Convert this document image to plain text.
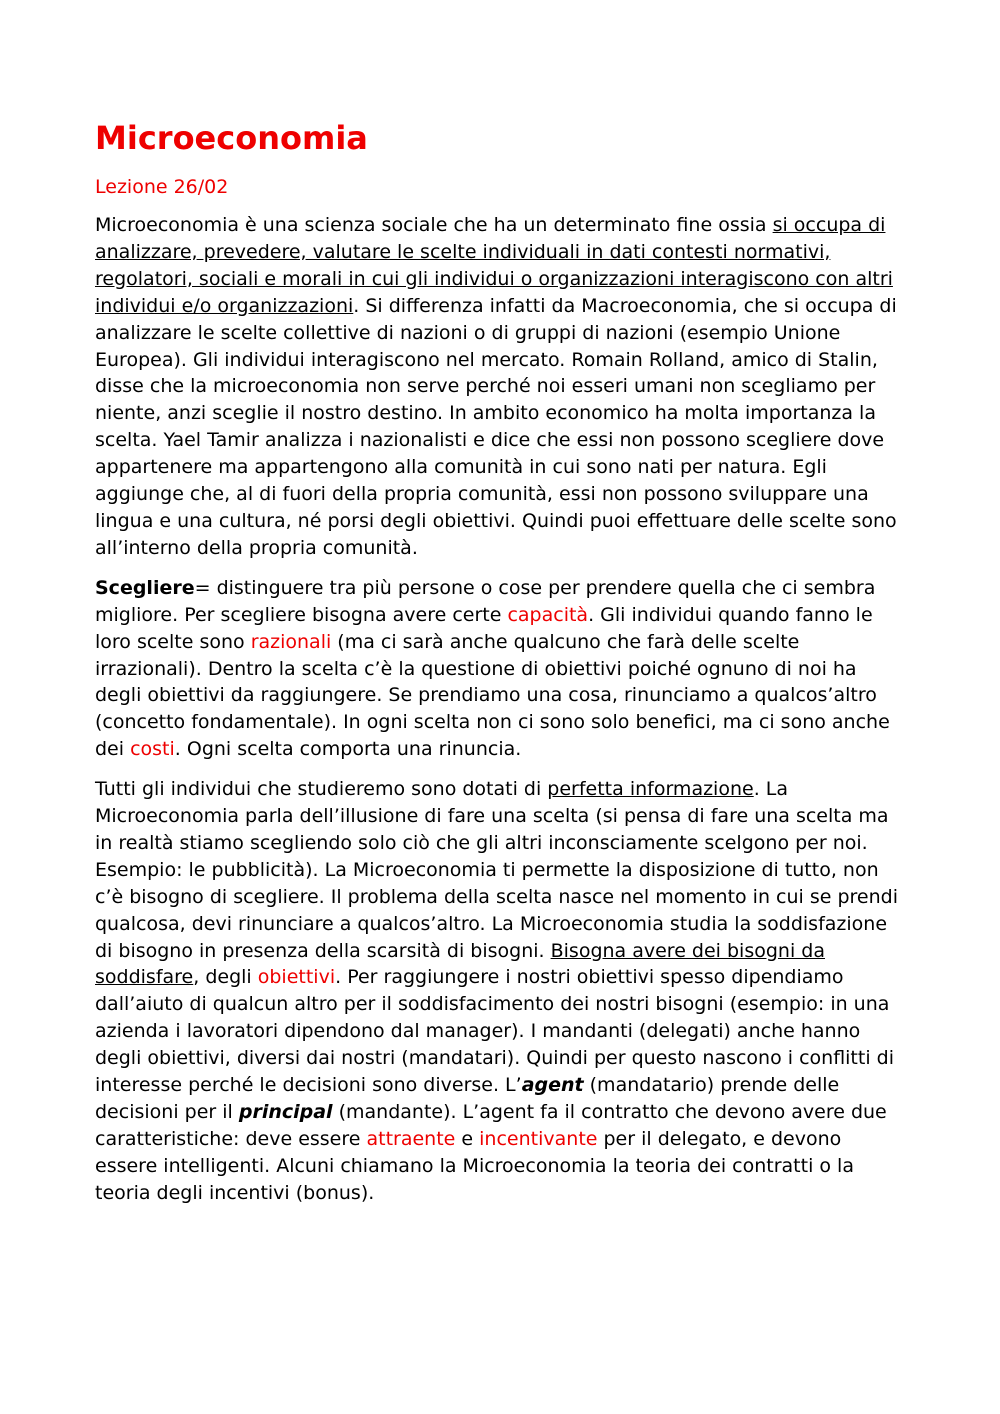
Microeconomia
Lezione 26/02

Microeconomia è una scienza sociale che ha un determinato fine ossia si occupa di analizzare, prevedere, valutare le scelte individuali in dati contesti normativi, regolatori, sociali e morali in cui gli individui o organizzazioni interagiscono con altri individui e/o organizzazioni. Si differenza infatti da Macroeconomia, che si occupa di analizzare le scelte collettive di nazioni o di gruppi di nazioni (esempio Unione Europea). Gli individui interagiscono nel mercato. Romain Rolland, amico di Stalin, disse che la microeconomia non serve perché noi esseri umani non scegliamo per niente, anzi sceglie il nostro destino. In ambito economico ha molta importanza la scelta. Yael Tamir analizza i nazionalisti e dice che essi non possono scegliere dove appartenere ma appartengono alla comunità in cui sono nati per natura. Egli aggiunge che, al di fuori della propria comunità, essi non possono sviluppare una lingua e una cultura, né porsi degli obiettivi. Quindi puoi effettuare delle scelte sono all’interno della propria comunità.

Scegliere= distinguere tra più persone o cose per prendere quella che ci sembra migliore. Per scegliere bisogna avere certe capacità. Gli individui quando fanno le loro scelte sono razionali (ma ci sarà anche qualcuno che farà delle scelte irrazionali). Dentro la scelta c’è la questione di obiettivi poiché ognuno di noi ha degli obiettivi da raggiungere. Se prendiamo una cosa, rinunciamo a qualcos’altro (concetto fondamentale). In ogni scelta non ci sono solo benefici, ma ci sono anche dei costi. Ogni scelta comporta una rinuncia.

Tutti gli individui che studieremo sono dotati di perfetta informazione. La Microeconomia parla dell’illusione di fare una scelta (si pensa di fare una scelta ma in realtà stiamo scegliendo solo ciò che gli altri inconsciamente scelgono per noi. Esempio: le pubblicità). La Microeconomia ti permette la disposizione di tutto, non c’è bisogno di scegliere. Il problema della scelta nasce nel momento in cui se prendi qualcosa, devi rinunciare a qualcos’altro. La Microeconomia studia la soddisfazione di bisogno in presenza della scarsità di bisogni. Bisogna avere dei bisogni da soddisfare, degli obiettivi. Per raggiungere i nostri obiettivi spesso dipendiamo dall’aiuto di qualcun altro per il soddisfacimento dei nostri bisogni (esempio: in una azienda i lavoratori dipendono dal manager). I mandanti (delegati) anche hanno degli obiettivi, diversi dai nostri (mandatari). Quindi per questo nascono i conflitti di interesse perché le decisioni sono diverse. L’agent (mandatario) prende delle decisioni per il principal (mandante). L’agent fa il contratto che devono avere due caratteristiche: deve essere attraente e incentivante per il delegato, e devono essere intelligenti. Alcuni chiamano la Microeconomia la teoria dei contratti o la teoria degli incentivi (bonus).
